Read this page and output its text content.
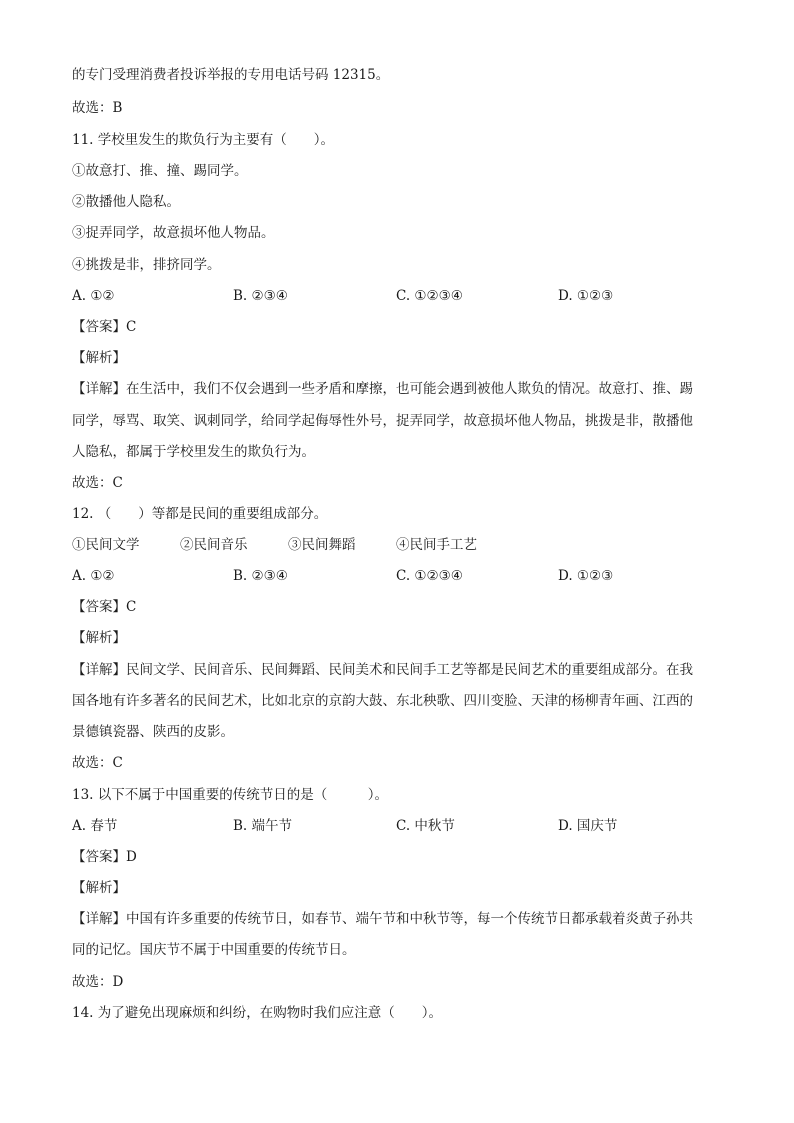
的专门受理消费者投诉举报的专用电话号码 12315。
故选：B
11. 学校里发生的欺负行为主要有（　　）。
①故意打、推、撞、踢同学。
②散播他人隐私。
③捉弄同学，故意损坏他人物品。
④挑拨是非，排挤同学。
A. ①②	B. ②③④	C. ①②③④	D. ①②③
【答案】C
【解析】
【详解】在生活中，我们不仅会遇到一些矛盾和摩擦，也可能会遇到被他人欺负的情况。故意打、推、踢
同学，辱骂、取笑、讽刺同学，给同学起侮辱性外号，捉弄同学，故意损坏他人物品，挑拨是非，散播他
人隐私，都属于学校里发生的欺负行为。
故选：C
12. （　　）等都是民间的重要组成部分。
①民间文学　　　②民间音乐　　　③民间舞蹈　　　④民间手工艺
A. ①②	B. ②③④	C. ①②③④	D. ①②③
【答案】C
【解析】
【详解】民间文学、民间音乐、民间舞蹈、民间美术和民间手工艺等都是民间艺术的重要组成部分。在我
国各地有许多著名的民间艺术，比如北京的京韵大鼓、东北秧歌、四川变脸、天津的杨柳青年画、江西的
景德镇瓷器、陕西的皮影。
故选：C
13. 以下不属于中国重要的传统节日的是（　　　）。
A. 春节	B. 端午节	C. 中秋节	D. 国庆节
【答案】D
【解析】
【详解】中国有许多重要的传统节日，如春节、端午节和中秋节等，每一个传统节日都承载着炎黄子孙共
同的记忆。国庆节不属于中国重要的传统节日。
故选：D
14. 为了避免出现麻烦和纠纷，在购物时我们应注意（　　）。
